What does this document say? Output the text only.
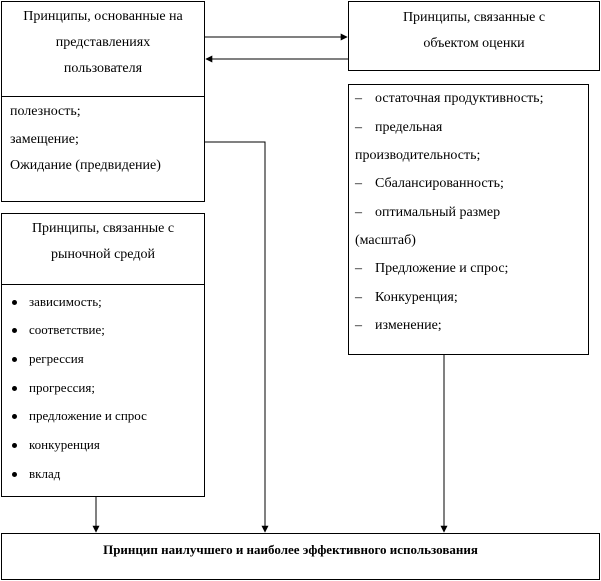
Принципы, основанные на
представлениях
пользователя
полезность;
замещение;
Ожидание (предвидение)
Принципы, связанные с
объектом оценки
– остаточная продуктивность;
– предельная
производительность;
– Сбалансированность;
– оптимальный размер
(масштаб)
– Предложение и спрос;
– Конкуренция;
– изменение;
Принципы, связанные с
рыночной средой
зависимость;
соответствие;
регрессия
прогрессия;
предложение и спрос
конкуренция
вклад
Принцип наилучшего и наиболее эффективного использования
